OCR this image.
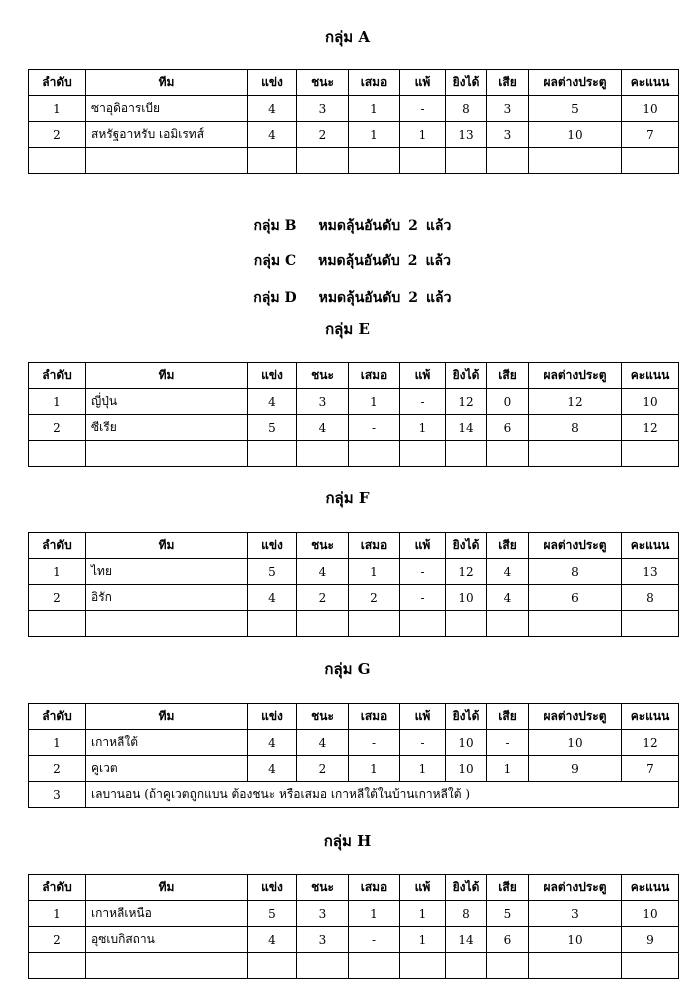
กลุ่ม A
ลำดับ	ทีม	แข่ง	ชนะ	เสมอ	แพ้	ยิงได้	เสีย	ผลต่างประตู	คะแนน
1	ซาอุดิอารเบีย	4	3	1	-	8	3	5	10
2	สหรัฐอาหรับ เอมิเรทส์	4	2	1	1	13	3	10	7

กลุ่ม B หมดลุ้นอันดับ 2 แล้ว

กลุ่ม C หมดลุ้นอันดับ 2 แล้ว

กลุ่ม D หมดลุ้นอันดับ 2 แล้ว

กลุ่ม E
ลำดับ	ทีม	แข่ง	ชนะ	เสมอ	แพ้	ยิงได้	เสีย	ผลต่างประตู	คะแนน
1	ญี่ปุ่น	4	3	1	-	12	0	12	10
2	ซีเรีย	5	4	-	1	14	6	8	12

กลุ่ม F
ลำดับ	ทีม	แข่ง	ชนะ	เสมอ	แพ้	ยิงได้	เสีย	ผลต่างประตู	คะแนน
1	ไทย	5	4	1	-	12	4	8	13
2	อิรัก	4	2	2	-	10	4	6	8

กลุ่ม G
ลำดับ	ทีม	แข่ง	ชนะ	เสมอ	แพ้	ยิงได้	เสีย	ผลต่างประตู	คะแนน
1	เกาหลีใต้	4	4	-	-	10	-	10	12
2	คูเวต	4	2	1	1	10	1	9	7
3	เลบานอน (ถ้าคูเวตถูกแบน ต้องชนะ หรือเสมอ เกาหลีใต้ในบ้านเกาหลีใต้ )								
กลุ่ม H
ลำดับ	ทีม	แข่ง	ชนะ	เสมอ	แพ้	ยิงได้	เสีย	ผลต่างประตู	คะแนน
1	เกาหลีเหนือ	5	3	1	1	8	5	3	10
2	อุซเบกิสถาน	4	3	-	1	14	6	10	9
